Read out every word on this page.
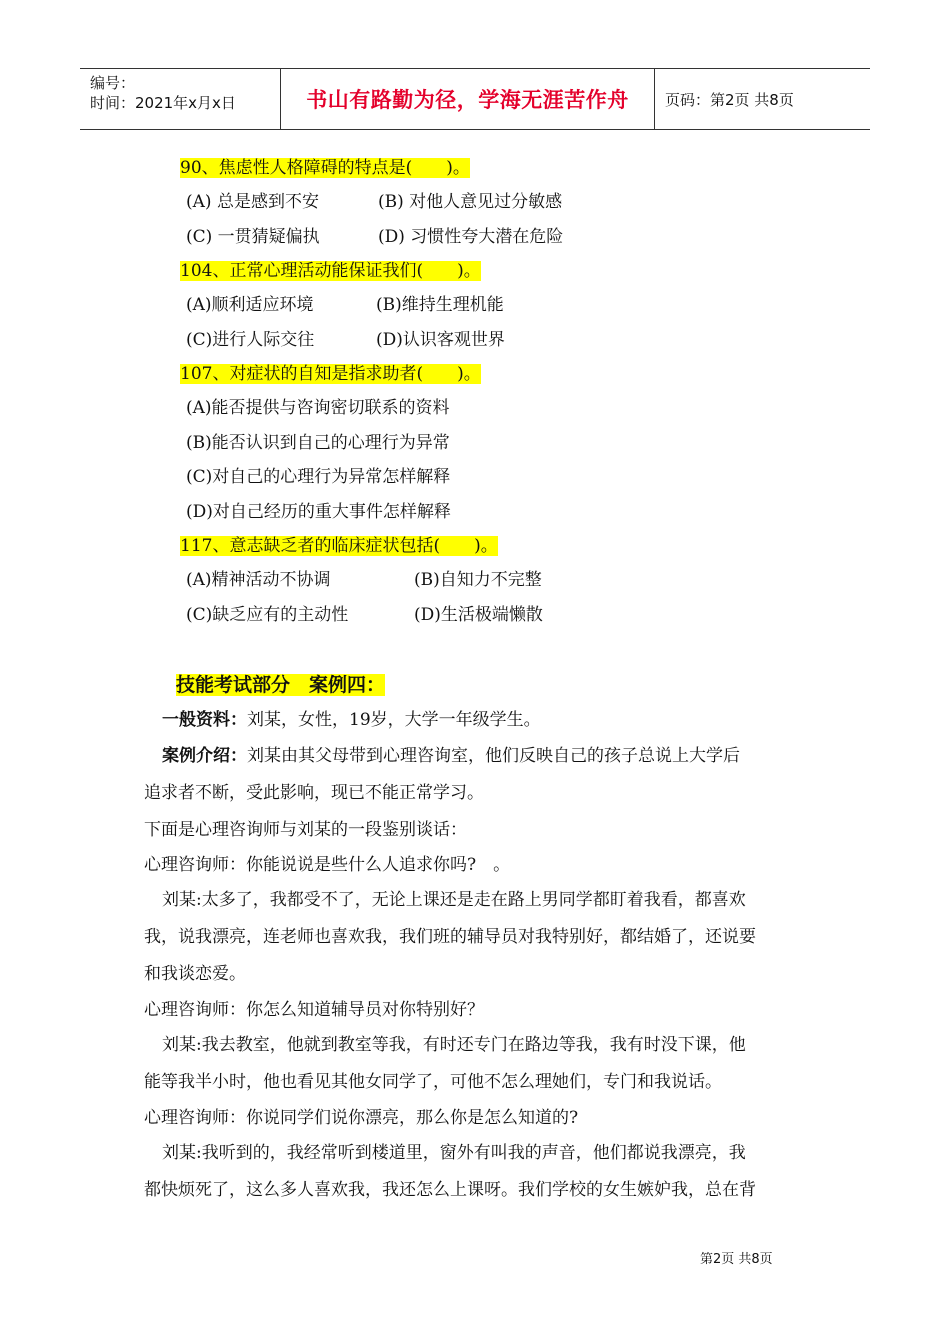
编号：
时间：2021年x月x日	书山有路勤为径，学海无涯苦作舟	页码：第2页 共8页
90、焦虑性人格障碍的特点是(　　)。
(A) 总是感到不安	(B) 对他人意见过分敏感
(C) 一贯猜疑偏执	(D) 习惯性夸大潜在危险
104、正常心理活动能保证我们(　　)。
(A)顺利适应环境	(B)维持生理机能
(C)进行人际交往	(D)认识客观世界
107、对症状的自知是指求助者(　　)。
(A)能否提供与咨询密切联系的资料
(B)能否认识到自己的心理行为异常
(C)对自己的心理行为异常怎样解释
(D)对自己经历的重大事件怎样解释
117、意志缺乏者的临床症状包括(　　)。
(A)精神活动不协调	(B)自知力不完整
(C)缺乏应有的主动性	(D)生活极端懒散
技能考试部分　案例四：
一般资料：刘某，女性，19岁，大学一年级学生。
案例介绍：刘某由其父母带到心理咨询室，他们反映自己的孩子总说上大学后
追求者不断，受此影响，现已不能正常学习。
下面是心理咨询师与刘某的一段鉴别谈话：
心理咨询师：你能说说是些什么人追求你吗?　。
刘某:太多了，我都受不了，无论上课还是走在路上男同学都盯着我看，都喜欢
我，说我漂亮，连老师也喜欢我，我们班的辅导员对我特别好，都结婚了，还说要
和我谈恋爱。
心理咨询师：你怎么知道辅导员对你特别好？
刘某:我去教室，他就到教室等我，有时还专门在路边等我，我有时没下课，他
能等我半小时，他也看见其他女同学了，可他不怎么理她们，专门和我说话。
心理咨询师：你说同学们说你漂亮，那么你是怎么知道的?
刘某:我听到的，我经常听到楼道里，窗外有叫我的声音，他们都说我漂亮，我
都快烦死了，这么多人喜欢我，我还怎么上课呀。我们学校的女生嫉妒我，总在背
第2页 共8页
